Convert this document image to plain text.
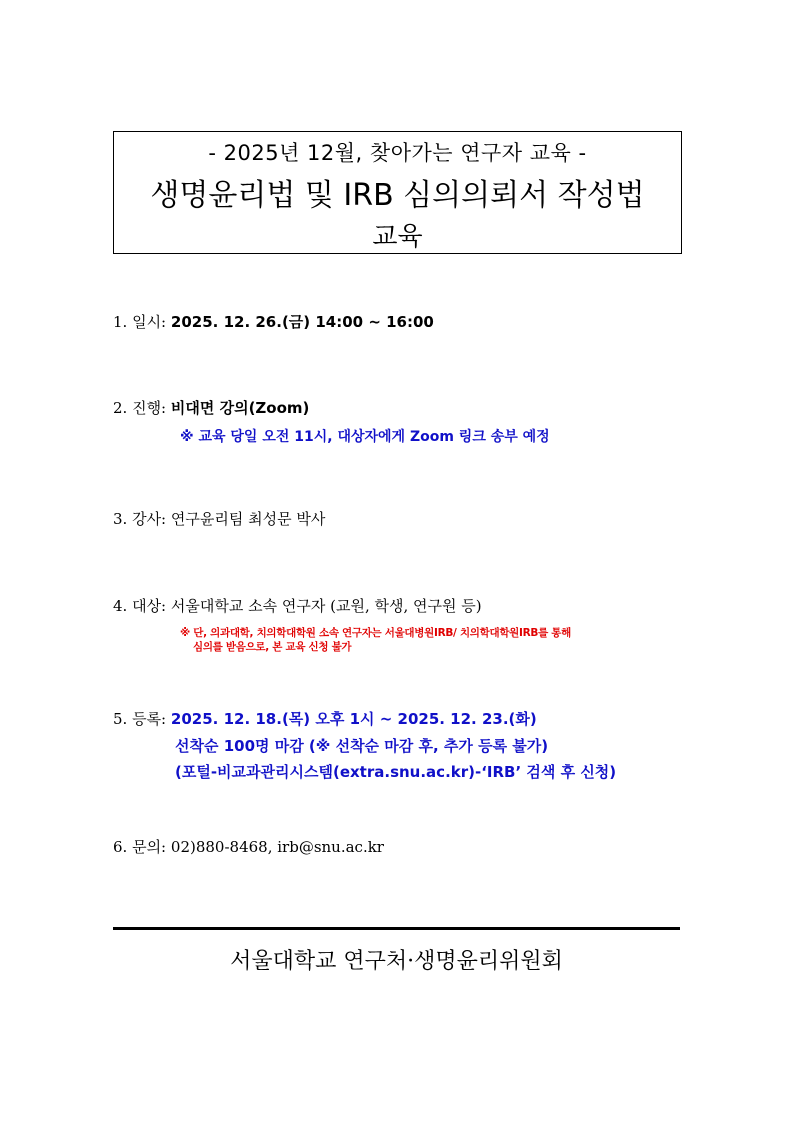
- 2025년 12월, 찾아가는 연구자 교육 -
생명윤리법 및 IRB 심의의뢰서 작성법
교육
1. 일시: 2025. 12. 26.(금) 14:00 ~ 16:00
2. 진행: 비대면 강의(Zoom)
※ 교육 당일 오전 11시, 대상자에게 Zoom 링크 송부 예정
3. 강사: 연구윤리팀 최성문 박사
4. 대상: 서울대학교 소속 연구자 (교원, 학생, 연구원 등)
※ 단, 의과대학, 치의학대학원 소속 연구자는 서울대병원IRB/ 치의학대학원IRB를 통해
심의를 받음으로, 본 교육 신청 불가
5. 등록: 2025. 12. 18.(목) 오후 1시 ~ 2025. 12. 23.(화)
선착순 100명 마감 (※ 선착순 마감 후, 추가 등록 불가)
(포털-비교과관리시스템(extra.snu.ac.kr)-‘IRB’ 검색 후 신청)
6. 문의: 02)880-8468, irb@snu.ac.kr
서울대학교 연구처·생명윤리위원회
